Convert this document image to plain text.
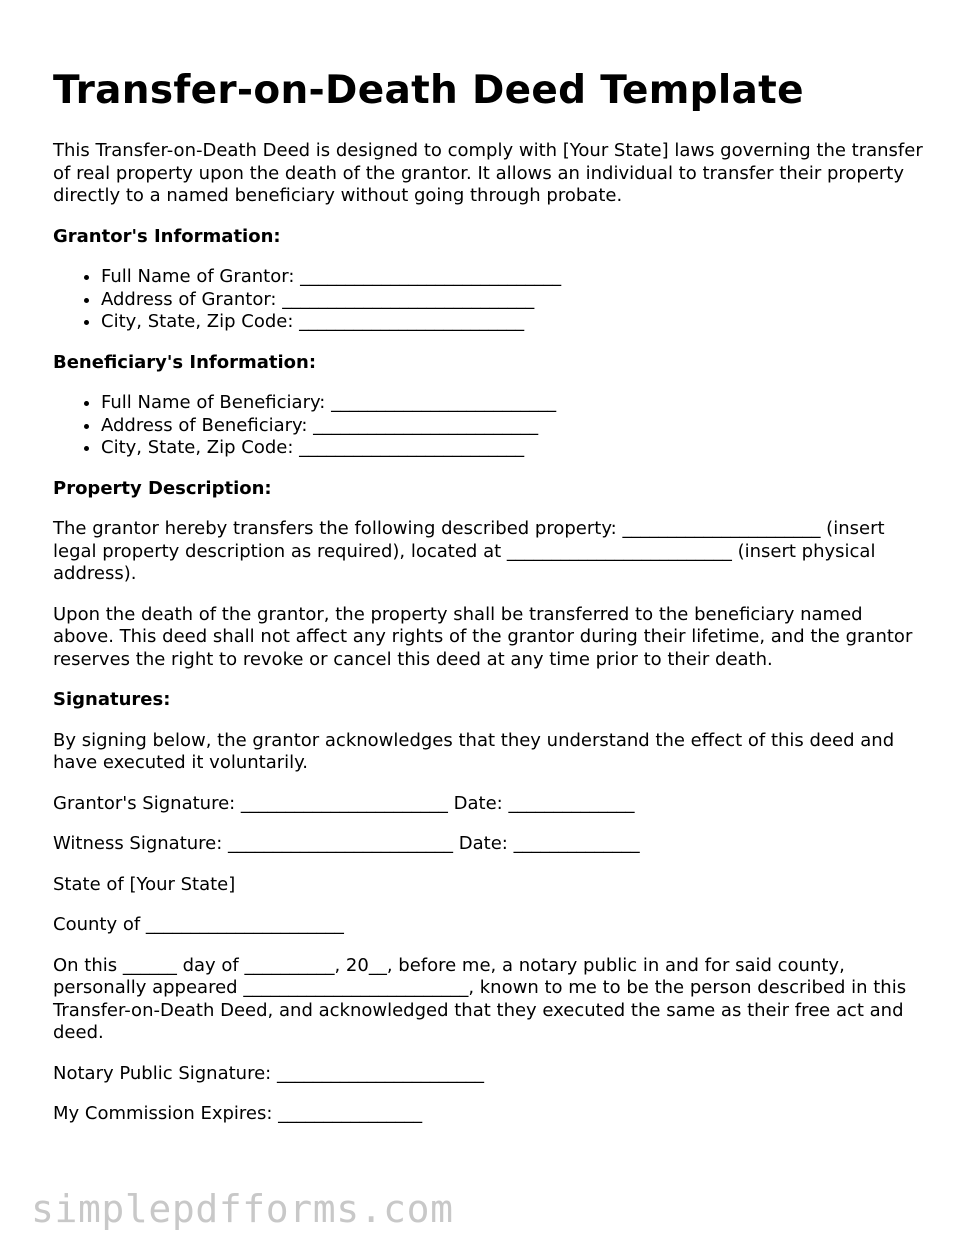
Transfer-on-Death Deed Template

This Transfer-on-Death Deed is designed to comply with [Your State] laws governing the transfer of real property upon the death of the grantor. It allows an individual to transfer their property directly to a named beneficiary without going through probate.

Grantor's Information:
• Full Name of Grantor: _____________________________
• Address of Grantor: ____________________________
• City, State, Zip Code: _________________________
Beneficiary's Information:
• Full Name of Beneficiary: _________________________
• Address of Beneficiary: _________________________
• City, State, Zip Code: _________________________
Property Description:

The grantor hereby transfers the following described property: ______________________ (insert legal property description as required), located at _________________________ (insert physical address).

Upon the death of the grantor, the property shall be transferred to the beneficiary named above. This deed shall not affect any rights of the grantor during their lifetime, and the grantor reserves the right to revoke or cancel this deed at any time prior to their death.

Signatures:

By signing below, the grantor acknowledges that they understand the effect of this deed and have executed it voluntarily.

Grantor's Signature: _______________________ Date: ______________

Witness Signature: _________________________ Date: ______________

State of [Your State]

County of ______________________

On this ______ day of __________, 20__, before me, a notary public in and for said county, personally appeared _________________________, known to me to be the person described in this Transfer-on-Death Deed, and acknowledged that they executed the same as their free act and deed.

Notary Public Signature: _______________________

My Commission Expires: ________________

simplepdfforms.com
